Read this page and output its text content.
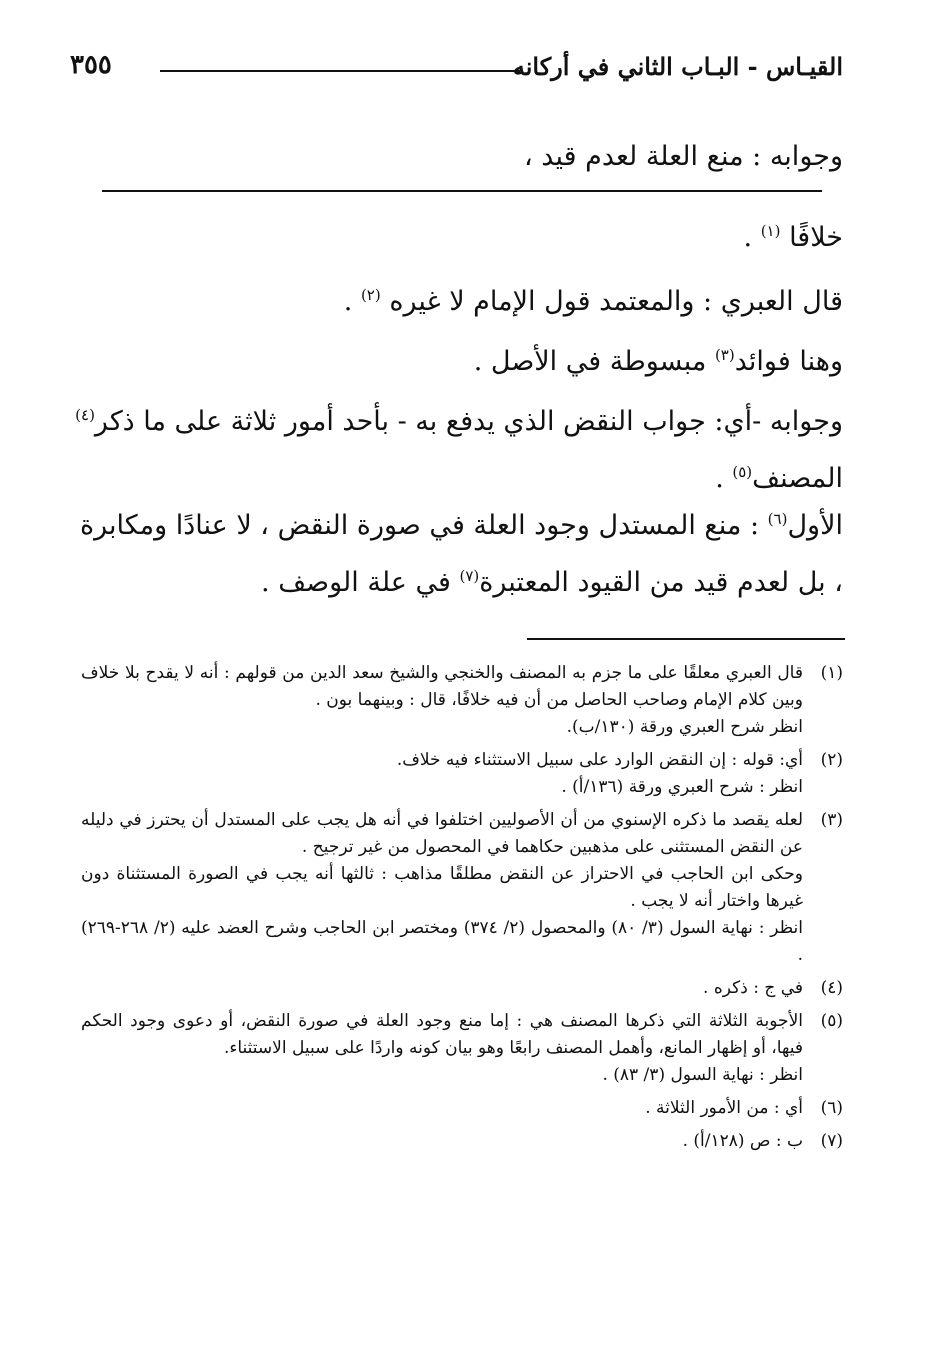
القيـاس - البـاب الثاني في أركانه
٣٥٥
وجوابه : منع العلة لعدم قيد ،
خلافًا $^{(١)}$ .
قال العبري : والمعتمد قول الإمام لا غيره $^{(٢)}$ .
وهنا فوائد$^{(٣)}$ مبسوطة في الأصل .
وجوابه -أي: جواب النقض الذي يدفع به - بأحد أمور ثلاثة على ما ذكر$^{(٤)}$ المصنف$^{(٥)}$ .
الأول$^{(٦)}$ : منع المستدل وجود العلة في صورة النقض ، لا عنادًا ومكابرة ، بل لعدم قيد من القيود المعتبرة$^{(٧)}$ في علة الوصف .
(١)
قال العبري معلقًا على ما جزم به المصنف والخنجي والشيخ سعد الدين من قولهم : أنه لا يقدح بلا خلاف وبين كلام الإمام وصاحب الحاصل من أن فيه خلافًا، قال : وبينهما بون .
انظر شرح العبري ورقة (١٣٠/ب).
(٢)
أي: قوله : إن النقض الوارد على سبيل الاستثناء فيه خلاف.
انظر : شرح العبري ورقة (١٣٦/أ) .
(٣)
لعله يقصد ما ذكره الإسنوي من أن الأصوليين اختلفوا في أنه هل يجب على المستدل أن يحترز في دليله عن النقض المستثنى على مذهبين حكاهما في المحصول من غير ترجيح .
وحكى ابن الحاجب في الاحتراز عن النقض مطلقًا مذاهب : ثالثها أنه يجب في الصورة المستثناة دون غيرها واختار أنه لا يجب .
انظر : نهاية السول (٣/ ٨٠) والمحصول (٢/ ٣٧٤) ومختصر ابن الحاجب وشرح العضد عليه (٢/ ٢٦٨-٢٦٩) .
(٤)
في ج : ذكره .
(٥)
الأجوبة الثلاثة التي ذكرها المصنف هي : إما منع وجود العلة في صورة النقض، أو دعوى وجود الحكم فيها، أو إظهار المانع، وأهمل المصنف رابعًا وهو بيان كونه واردًا على سبيل الاستثناء.
انظر : نهاية السول (٣/ ٨٣) .
(٦)
أي : من الأمور الثلاثة .
(٧)
ب : ص (١٢٨/أ) .
